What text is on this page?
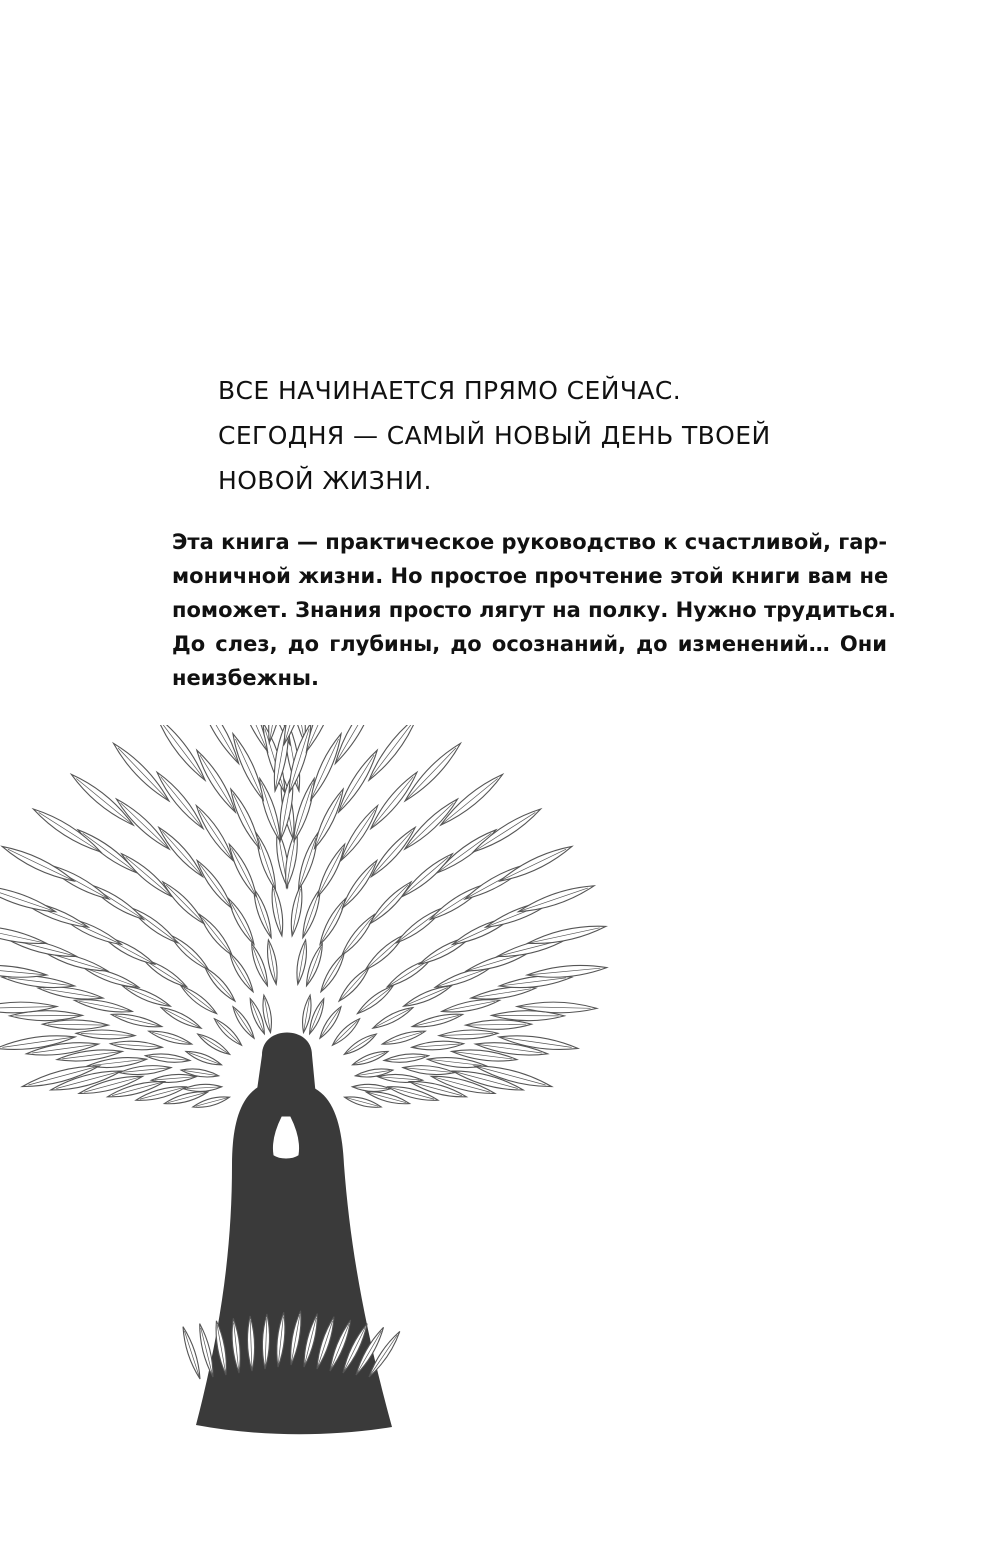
ВСЕ НАЧИНАЕТСЯ ПРЯМО СЕЙЧАС.
СЕГОДНЯ — САМЫЙ НОВЫЙ ДЕНЬ ТВОЕЙ
НОВОЙ ЖИЗНИ.
Эта книга — практическое руководство к счастливой, гар-
моничной жизни. Но простое прочтение этой книги вам не
поможет. Знания просто лягут на полку. Нужно трудиться.
До слез, до глубины, до осознаний, до изменений… Они
неизбежны.
